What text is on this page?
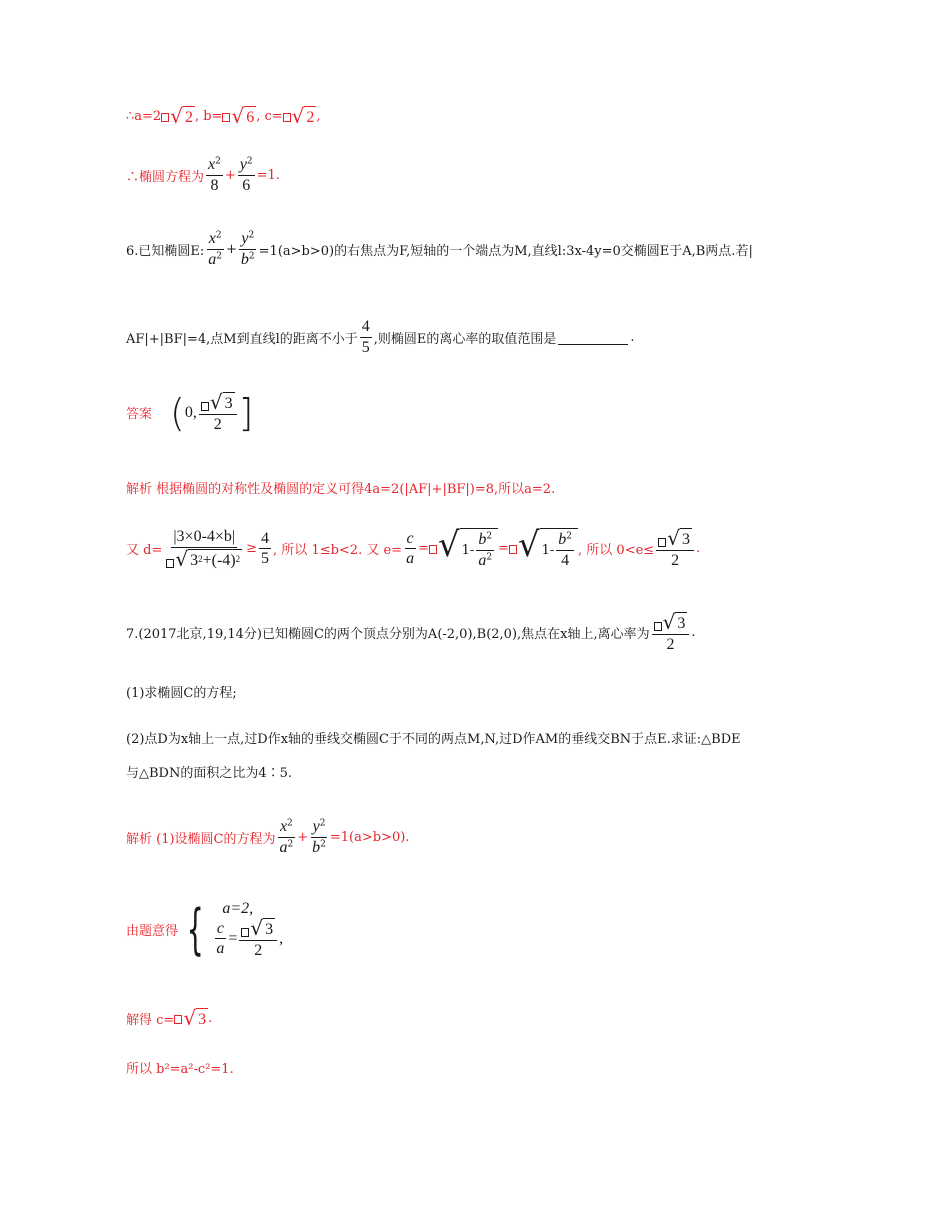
∴ a=2 √ 2 , b= √ 6 , c= √ 2 ,
∴椭圆方程为 $\frac{x^2}{8} + \frac{y^2}{6} =1$.
6.已知椭圆E: $\frac{x^2}{a^2} + \frac{y^2}{b^2} =1(a>b>0)$的右焦点为F,短轴的一个端点为M,直线l:3x-4y=0交椭圆E于A,B两点.若|
AF|+|BF|=4,点M到直线l的距离不小于 $\frac{4}{5}$ ,则椭圆E的离心率的取值范围是	.
答案 ( 0, $\frac{√ 3}{2}$ ]
解析 根据椭圆的对称性及椭圆的定义可得4a=2(|AF|+|BF|)=8,所以a=2.
又 $d= \frac{|3\times 0-4\times b|}{√ 3 2 +(-4) 2} \ge \frac{4}{5}$ , 所以 1≤b<2. 又 $e= \frac{c}{a}$ = √ $1- \frac{b^2}{a^2}$ = √ $1- \frac{b^2}{4}$ , 所以 $0<e\le \frac{√ 3}{2}$ .
7.(2017北京,19,14分)已知椭圆C的两个顶点分别为A(-2,0),B(2,0),焦点在x轴上,离心率为 $\frac{√ 3}{2}$ .
(1)求椭圆C的方程;
(2)点D为x轴上一点,过D作x轴的垂线交椭圆C于不同的两点M,N,过D作AM的垂线交BN于点E.求证:△BDE
与△BDN的面积之比为4∶5.
解析 (1)设椭圆C的方程为 $\frac{x^2}{a^2} + \frac{y^2}{b^2} =1(a>b>0)$.
由题意得 { a=2,
$\frac{c}{a} = \frac{√ 3}{2}$ ,
解得 c= √ 3 .
所以 b²=a²-c²=1.
